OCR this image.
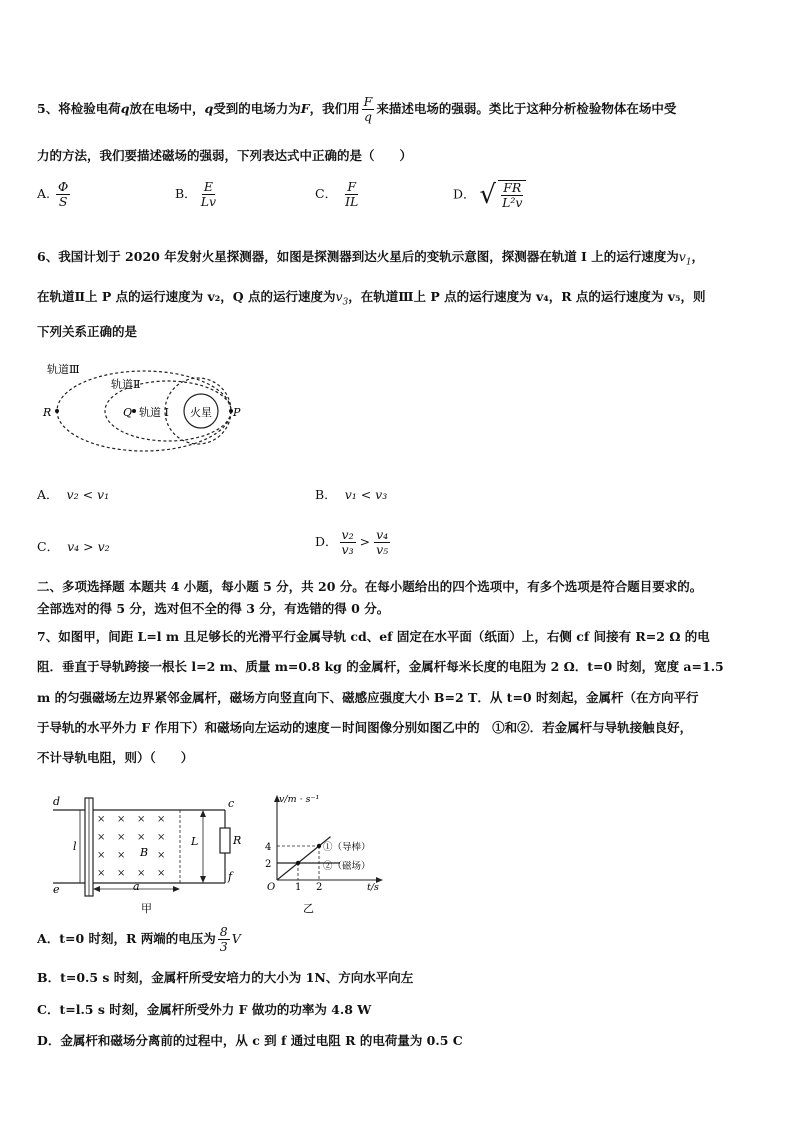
5、将检验电荷q放在电场中，q受到的电场力为F，我们用 $\frac{F}{q}$ 来描述电场的强弱。类比于这种分析检验物体在场中受
力的方法，我们要描述磁场的强弱，下列表达式中正确的是（　　）
A. $\frac{\Phi}{S}$	B． $\frac{E}{Lv}$	C． $\frac{F}{IL}$	D． √ $\frac{FR}{\text{L²v}}$
6、我国计划于 2020 年发射火星探测器，如图是探测器到达火星后的变轨示意图，探测器在轨道 I 上的运行速度为$v_1$，
在轨道Ⅱ上 P 点的运行速度为 v₂，Q 点的运行速度为$v_3$，在轨道Ⅲ上 P 点的运行速度为 v₄，R 点的运行速度为 v₅，则
下列关系正确的是
火星
轨道Ⅲ
轨道Ⅱ
轨道 I
R	Q	P
A． v₂ < v₁	B． v₁ < v₃
C． v₄ > v₂	D． $\frac{\text{v₂}}{\text{v₃}} > \frac{\text{v₄}}{\text{v₅}}$
二、多项选择题 本题共 4 小题，每小题 5 分，共 20 分。在每小题给出的四个选项中，有多个选项是符合题目要求的。
全部选对的得 5 分，选对但不全的得 3 分，有选错的得 0 分。
7、如图甲，间距 L=l m 且足够长的光滑平行金属导轨 cd、ef 固定在水平面（纸面）上，右侧 cf 间接有 R=2 Ω 的电
阻．垂直于导轨跨接一根长 l=2 m、质量 m=0.8 kg 的金属杆，金属杆每米长度的电阻为 2 Ω．t=0 时刻，宽度 a=1.5
m 的匀强磁场左边界紧邻金属杆，磁场方向竖直向下、磁感应强度大小 B=2 T．从 t=0 时刻起，金属杆（在方向平行
于导轨的水平外力 F 作用下）和磁场向左运动的速度－时间图像分别如图乙中的　①和②．若金属杆与导轨接触良好，
不计导轨电阻，则）（　　）
× × × ×
× × × ×
× ×	×
× × × ×
d	c
e
f
l	L
B
R
a
甲
v/m · s⁻¹
t/s
O
4
2
1 2
①（导棒）
②（磁场）
乙
A．t=0 时刻，R 两端的电压为 $\frac{8}{3}$ V
B．t=0.5 s 时刻，金属杆所受安培力的大小为 1N、方向水平向左
C．t=l.5 s 时刻，金属杆所受外力 F 做功的功率为 4.8 W
D．金属杆和磁场分离前的过程中，从 c 到 f 通过电阻 R 的电荷量为 0.5 C
